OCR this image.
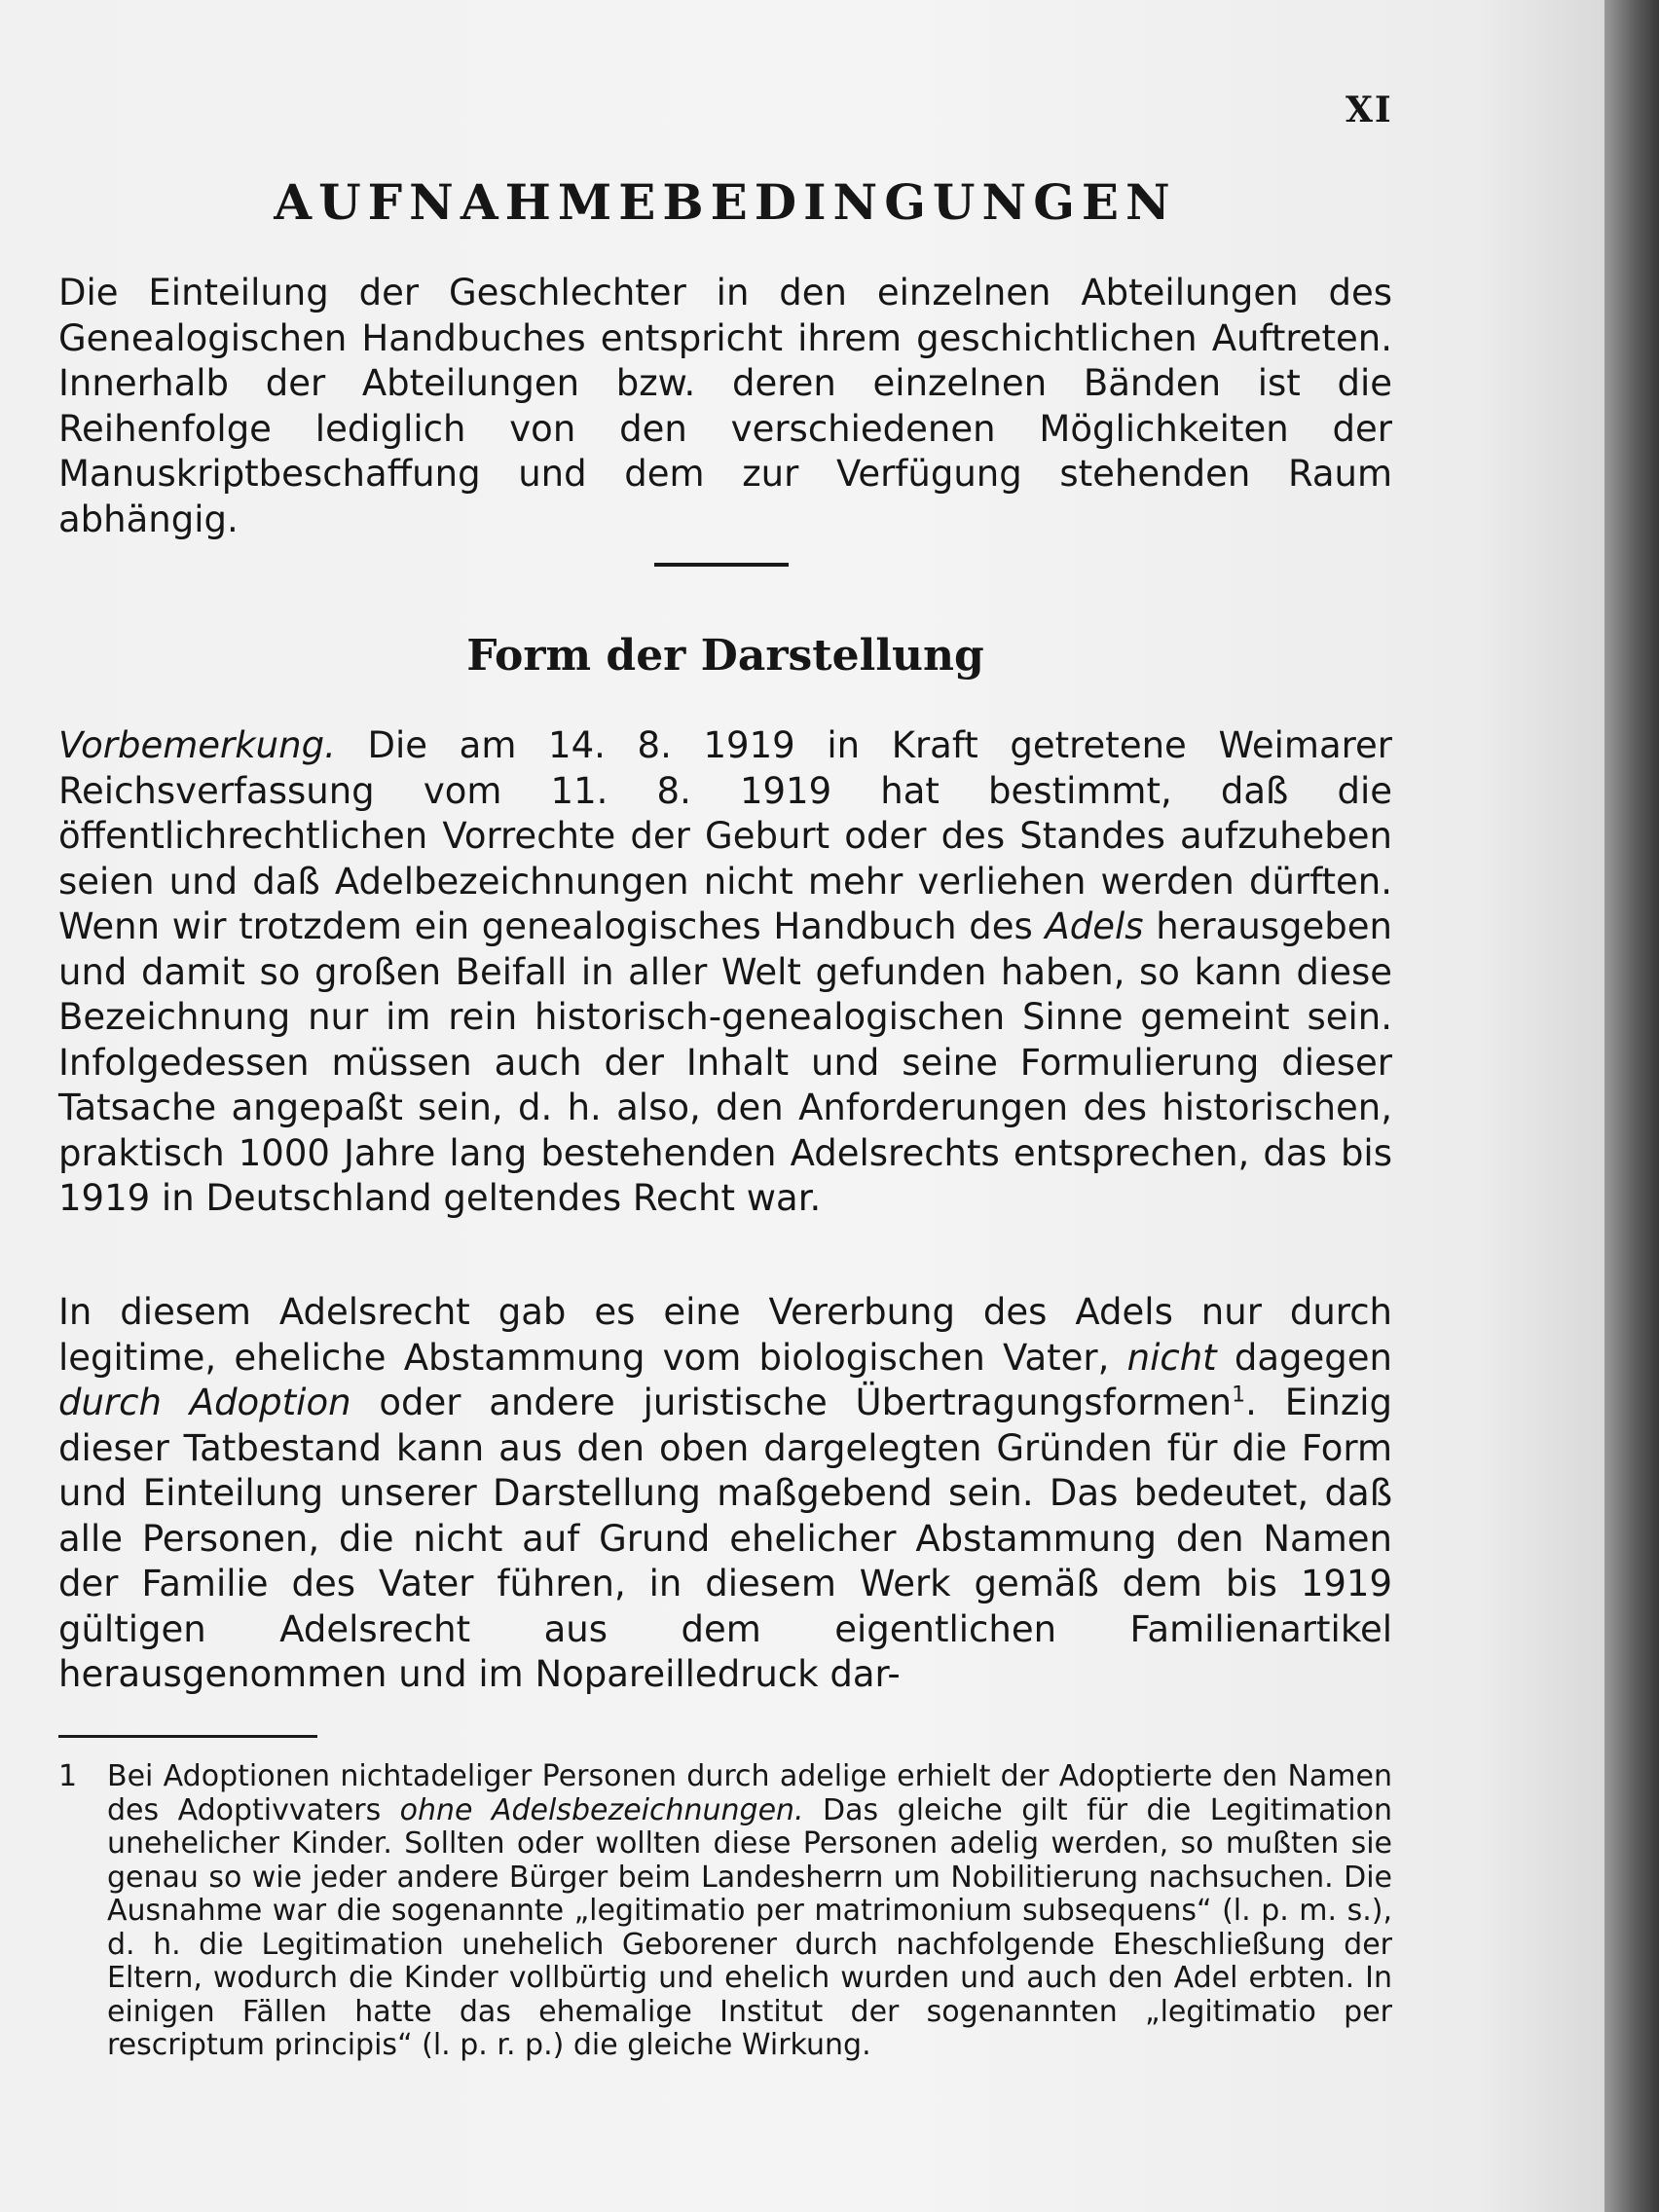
XI
AUFNAHMEBEDINGUNGEN

Die Einteilung der Geschlechter in den einzelnen Abteilungen des Genealogischen Handbuches entspricht ihrem geschichtlichen Auftreten. Innerhalb der Abteilungen bzw. deren einzelnen Bänden ist die Reihenfolge lediglich von den verschiedenen Möglichkeiten der Manuskriptbeschaffung und dem zur Verfügung stehenden Raum abhängig.

Form der Darstellung

Vorbemerkung. Die am 14. 8. 1919 in Kraft getretene Weimarer Reichsverfassung vom 11. 8. 1919 hat bestimmt, daß die öffentlichrechtlichen Vorrechte der Geburt oder des Standes aufzuheben seien und daß Adelbezeichnungen nicht mehr verliehen werden dürften. Wenn wir trotzdem ein genealogisches Handbuch des Adels herausgeben und damit so großen Beifall in aller Welt gefunden haben, so kann diese Bezeichnung nur im rein historisch-genealogischen Sinne gemeint sein. Infolgedessen müssen auch der Inhalt und seine Formulierung dieser Tatsache angepaßt sein, d. h. also, den Anforderungen des historischen, praktisch 1000 Jahre lang bestehenden Adelsrechts entsprechen, das bis 1919 in Deutschland geltendes Recht war.

In diesem Adelsrecht gab es eine Vererbung des Adels nur durch legitime, eheliche Abstammung vom biologischen Vater, nicht dagegen durch Adoption oder andere juristische Übertragungsformen$^1$. Einzig dieser Tatbestand kann aus den oben dargelegten Gründen für die Form und Einteilung unserer Darstellung maßgebend sein. Das bedeutet, daß alle Personen, die nicht auf Grund ehelicher Abstammung den Namen der Familie des Vater führen, in diesem Werk gemäß dem bis 1919 gültigen Adelsrecht aus dem eigentlichen Familienartikel herausgenommen und im Nopareilledruck dar-

1 Bei Adoptionen nichtadeliger Personen durch adelige erhielt der Adoptierte den Namen des Adoptivvaters ohne Adelsbezeichnungen. Das gleiche gilt für die Legitimation unehelicher Kinder. Sollten oder wollten diese Personen adelig werden, so mußten sie genau so wie jeder andere Bürger beim Landesherrn um Nobilitierung nachsuchen. Die Ausnahme war die sogenannte „legitimatio per matrimonium subsequens“ (l. p. m. s.), d. h. die Legitimation unehelich Geborener durch nachfolgende Eheschließung der Eltern, wodurch die Kinder vollbürtig und ehelich wurden und auch den Adel erbten. In einigen Fällen hatte das ehemalige Institut der sogenannten „legitimatio per rescriptum principis“ (l. p. r. p.) die gleiche Wirkung.
